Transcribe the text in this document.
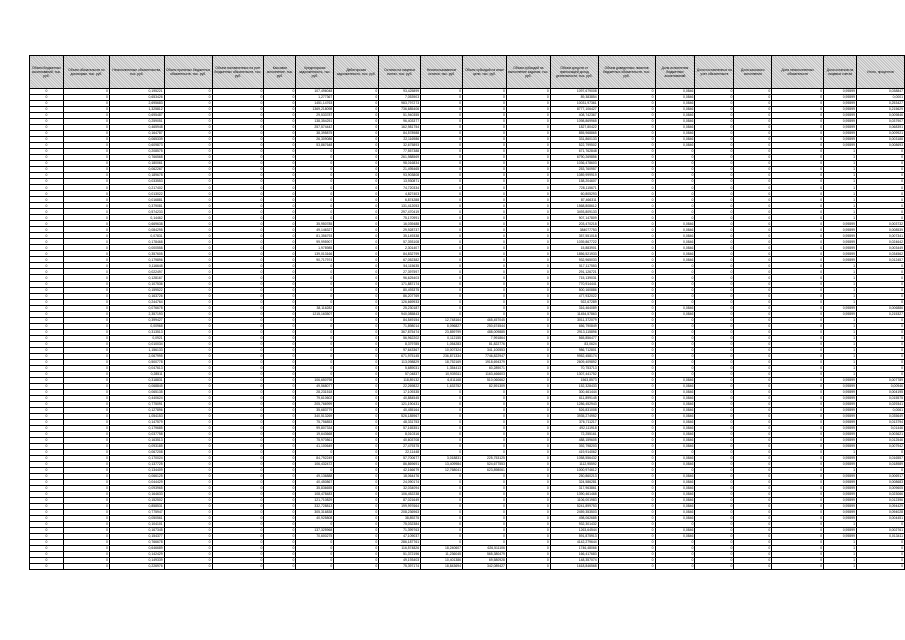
Объем бюджетных ассигнований, тыс. руб.	Объем обязательств по договорам, тыс. руб.	Неисполненные обязательства, тыс. руб.	Объем принятых бюджетных обязательств, тыс. руб.	Объем поставленных на учет бюджетных обязательств, тыс. руб.	Кассовое исполнение, тыс. руб.	Кредиторская задолженность, тыс. руб.	Дебиторская задолженность, тыс. руб.	Остатки на лицевых счетах, тыс. руб.	Неиспользованные остатки, тыс. руб.	Объем субсидий на иные цели, тыс. руб.	Объем субсидий на выполнение задания, тыс. руб.	Объем средств от приносящей доход деятельности, тыс. руб.	Объем доведенных лимитов бюджетных обязательств, тыс. руб.	Доля исполнения бюджетных ассигнований	Доля поставленных на учет обязательств	Доля кассового исполнения	Доля неисполненных обязательств	Доля остатков на лицевых счетах	Итого, процентов
0	0	0,195221	0	0	0	107,496048	0	93,425899	0	0	0	1097,679008	0	0,0846	0	0	0	0,95599	0,038847
0	0	0,653426	0	0	0	1,277367	0	7,053903	0	0	0	89,383854	0	0,0846	0	0	0	0,95599	0,0001
0	0	2,695683	0	0	0	1451,14763	0	983,797273	0	0	0	10031,97361	0	0,0846	0	0	0	0,95599	0,253427
0	0	1,325812	0	0	0	1369,218098	0	736,685406	0	0	0	8777,106427	0	0,0846	0	0	0	0,95599	0,215629
0	0	0,695487	0	0	0	29,533787	0	51,940355	0	0	0	408,742367	0	0,0846	0	0	0	0,95599	0,009846
0	0	0,259051	0	0	0	138,354251	0	96,403377	0	0	0	1098,869965	0	0,0846	0	0	0	0,95599	0,037907
0	0	0,465948	0	0	0	257,574442	0	162,981754	0	0	0	1827,80422	0	0,0846	0	0	0	0,95599	0,068391
0	0	0,164787	0	0	0	38,395875	0	84,578988	0	0	0	855,968865	0	0,0846	0	0	0	0,95599	0,009921
0	0	0,065339	0	0	0	26,309086	0	22,116986	0	0	0	331,860133	0	0,0846	0	0	0	0,95599	0,003188
0	0	0,609873	0	0	0	53,867648	0	32,675893	0	0	0	522,799502	0	0,0846	0	0	0	0,95599	0,008693
0	0	0,208575	0	0	0	0	0	77,557388	0	0	0	671,762848	0	0	0	0	0	1	0
0	0	0,766568	0	0	0	0	0	261,988569	0	0	0	6790,269856	0	0	0	0	0	1	0
0	0	0,180061	0	0	0	0	0	98,016834	0	0	0	1036,478603	0	0	0	0	0	1	0
0	0	0,062267	0	0	0	0	0	21,495465	0	0	0	253,760957	0	0	0	0	0	1	0
0	0	0,189678	0	0	0	0	0	93,903808	0	0	0	1089,999919	0	0	0	0	0	1	0
0	0	0,033553	0	0	0	0	0	13,930871	0	0	0	158,204607	0	0	0	0	0	1	0
0	0	0,217402	0	0	0	0	0	74,720334	0	0	0	728,115671	0	0	0	0	0	1	0
0	0	0,013022	0	0	0	0	0	4,827403	0	0	0	60,805293	0	0	0	0	0	1	0
0	0	0,016881	0	0	0	0	0	6,874288	0	0	0	87,466311	0	0	0	0	0	1	0
0	0	0,379081	0	0	0	0	0	131,412053	0	0	0	1568,808612	0	0	0	0	0	1	0
0	0	0,574233	0	0	0	0	0	297,470419	0	0	0	3493,809133	0	0	0	0	0	1	0
0	0	0,14462	0	0	0	0	0	75,170991	0	0	0	907,147809	0	0	0	0	0	1	0
0	0	0,669638	0	0	0	35,950785	0	16,039488	0	0	0	203,470218	0	0,0846	0	0	0	0,95599	0,003732
0	0	0,084295	0	0	0	49,146327	0	29,928737	0	0	0	384077753	0	0,0846	0	0	0	0,95599	0,008539
0	0	0,07831	0	0	0	81,356793	0	35,149338	0	0	0	357,551018	0	0,0846	0	0	0	0,95599	0,007341
0	0	0,178468	0	0	0	99,995907	0	57,393108	0	0	0	1039,867722	0	0,0846	0	0	0	0,95599	0,024642
0	0	0,000558	0	0	0	1,978985	0	2,301407	0	0	0	15,883901	0	0,0846	0	0	0	0,95599	0,003449
0	0	0,357605	0	0	0	139,013166	0	84,832799	0	0	0	1856,521933	0	0,0846	0	0	0	0,95599	0,034562
0	0	0,179896	0	0	0	90,717974	0	67,052382	0	0	0	932,965033	0	0,0846	0	0	0	0,95599	0,012457
0	0	0,116648	0	0	0	0	0	54,115635	0	0	0	517,117553	0	0	0	0	0	1	0
0	0	0,022497	0	0	0	0	0	27,397597	0	0	0	291,126721	0	0	0	0	0	1	0
0	0	0,128167	0	0	0	0	0	96,625403	0	0	0	715,139031	0	0	0	0	0	1	0
0	0	0,107536	0	0	0	0	0	171,887174	0	0	0	770,914441	0	0	0	0	0	1	0
0	0	0,159522	0	0	0	0	0	80,493375	0	0	0	500,160886	0	0	0	0	0	1	0
0	0	0,163726	0	0	0	0	0	86,207769	0	0	0	477,932022	0	0	0	0	0	1	0
0	0	0,244764	0	0	0	0	0	126,669933	0	0	0	922,67289	0	0	0	0	0	1	0
0	0	0,076678	0	0	0	38,116282	0	25,230187	0	0	0	316,464089	0	0,0846	0	0	0	0,95599	0,006886
0	0	2,357193	0	0	0	1215,163507	0	940,085843	0	0	0	11454,57863	0	0,0846	0	0	0	0,95599	0,215327
0	0	0,399427	0	0	0	0	0	84,549154	12,748164	465,457045	0	3011,372079	0	0	0	0	0	1	0
0	0	0,00968	0	0	0	0	0	71,898014	8,096827	250,674544	0	656,790849	0	0	0	0	0	1	0
0	0	0,313513	0	0	0	0	0	367,875474	23,859799	488,009885	0	2913,115896	0	0	0	0	0	1	0
0	0	0,0921	0	0	0	0	0	56,962202	0,112155	7,991864	0	565,856477	0	0	0	0	0	1	0
0	0	0,010034	0	0	0	0	0	8,379785	1,054283	81,822776	0	83,0624	0	0	0	0	0	1	0
0	0	1,156133	0	0	0	0	0	97,643367	10,007324	341,100553	0	986,712801	0	0	0	0	0	1	0
0	0	2,067995	0	0	0	0	0	671,975145	236,871334	7746,822947	0	9952,458174	0	0	0	0	0	1	0
0	0	0,500778	0	0	0	0	0	113,098829	18,752169	1918,694379	0	2609,409892	0	0	0	0	0	1	0
0	0	0,047613	0	0	0	0	0	5,689031	1,354413	60,289071	0	70,753713	0	0	0	0	0	1	0
0	0	0,28511	0	0	0	0	0	57,04837	10,939311	1163,466603	0	1307,441752	0	0	0	0	0	1	0
0	0	0,318831	0	0	0	106,650798	0	118,89132	6,811168	510,060662	0	1563,8573	0	0,0846	0	0	0	0,95599	0,007789
0	0	0,068845	0	0	0	49,568077	0	22,269822	1,633752	82,591309	0	152,328433	0	0,0846	0	0	0	0,95599	0,00946
0	0	0,065135	0	0	0	28,231518	0	17,109335	0	0	0	300,461444	0	0,0846	0	0	0	0,95599	0,004195
0	0	0,440624	0	0	0	79,610602	0	40,884545	0	0	0	611,899145	0	0,0846	0	0	0	0,95599	0,015575
0	0	0,775091	0	0	0	205,766999	0	121,190431	0	0	0	1286,452943	0	0,0846	0	0	0	0,95599	0,029341
0	0	0,127896	0	0	0	35,683779	0	40,455164	0	0	0	526,831008	0	0,0846	0	0	0	0,95599	0,0061
0	0	1,054153	0	0	0	340,513269	0	526,185967	0	0	0	3935,274952	0	0,0846	0	0	0	0,95599	0,035649
0	0	0,147579	0	0	0	75,756853	0	48,331753	0	0	0	376,711217	0	0,0846	0	0	0	0,95599	0,013794
0	0	0,179685	0	0	0	99,807334	0	57,165351	0	0	0	492,111918	0	0,0846	0	0	0	0,95599	0,01446
0	0	0,037758	0	0	0	19,643668	0	8,010316	0	0	0	72,255161	0	0,0846	0	0	0	0,95599	0,003621
0	0	0,163513	0	0	0	75,970861	0	40,603708	0	0	0	488,159605	0	0,0846	0	0	0	0,95599	0,012546
0	0	0,093185	0	0	0	41,100649	0	27,479375	0	0	0	392,798203	0	0,0846	0	0	0	0,95599	0,007942
0	0	0,067208	0	0	0	0	0	22,11448	0	0	0	419,914062	0	0	0	0	0	1	0
0	0	0,170024	0	0	0	84,792249	0	57,700677	3,018831	225,753125	0	1058,556432	0	0,0846	0	0	0	0,95599	0,016557
0	0	0,137725	0	0	0	106,432472	0	86,869691	13,409984	524,677553	0	1112,95592	0	0,0846	0	0	0	0,95599	0,018989
0	0	0,134409	0	0	0	0	0	42,166679	12,768041	623,898061	0	1000,974612	0	0	0	0	0	1	0
0	0	0,066125	0	0	0	49,136888	0	18,064476	0	0	0	250,860213	0	0,0846	0	0	0	0,95599	0,006917
0	0	0,044429	0	0	0	40,450867	0	24,090174	0	0	0	324,586281	0	0,0846	0	0	0	0,95599	0,008683
0	0	0,093965	0	0	0	35,836655	0	32,034094	0	0	0	317,963861	0	0,0846	0	0	0	0,95599	0,009605
0	0	0,164633	0	0	0	108,478483	0	106,452238	0	0	0	1390,461468	0	0,0846	0	0	0	0,95599	0,023066
0	0	0,152502	0	0	0	121,710829	0	87,021649	0	0	0	1106,001983	0	0,0846	0	0	0	0,95599	0,012396
0	0	0,858531	0	0	0	332,728813	0	199,997664	0	0	0	5241,899753	0	0,0846	0	0	0	0,95599	0,094429
0	0	0,775947	0	0	0	305,316838	0	208,236963	0	0	0	2459,353503	0	0,0846	0	0	0	0,95599	0,094028
0	0	0,050561	0	0	0	40,925808	0	38,89275	0	0	0	498,062685	0	0,0846	0	0	0	0,95599	0,004451
0	0	0,104101	0	0	0	0	0	75,032384	0	0	0	932,301432	0	0	0	0	0	1	0
0	0	0,167345	0	0	0	137,325968	0	71,399763	0	0	0	1263,64544	0	0,0846	0	0	0	0,95599	0,002761
0	0	0,154377	0	0	0	70,600275	0	47,109037	0	0	0	591,875913	0	0,0846	0	0	0	0,95599	0,013411
0	0	0,766678	0	0	0	0	0	286,187761	0	0	0	4142,279644	0	0	0	0	0	1	0
0	0	0,646689	0	0	0	0	0	116,574826	18,240607	626,511106	0	1746,48066	0	0	0	0	0	1	0
0	0	0,142429	0	0	0	0	0	51,372196	11,236045	565,380479	0	166,417683	0	0	0	0	0	1	0
0	0	0,149339	0	0	0	0	0	49,193403	10,401386	69,580928	0	148,357074	0	0	0	0	0	1	0
0	0	0,226976	0	0	0	0	0	75,397174	18,843694	342,089427	0	1618,846568	0	0	0	0	0	1	0
